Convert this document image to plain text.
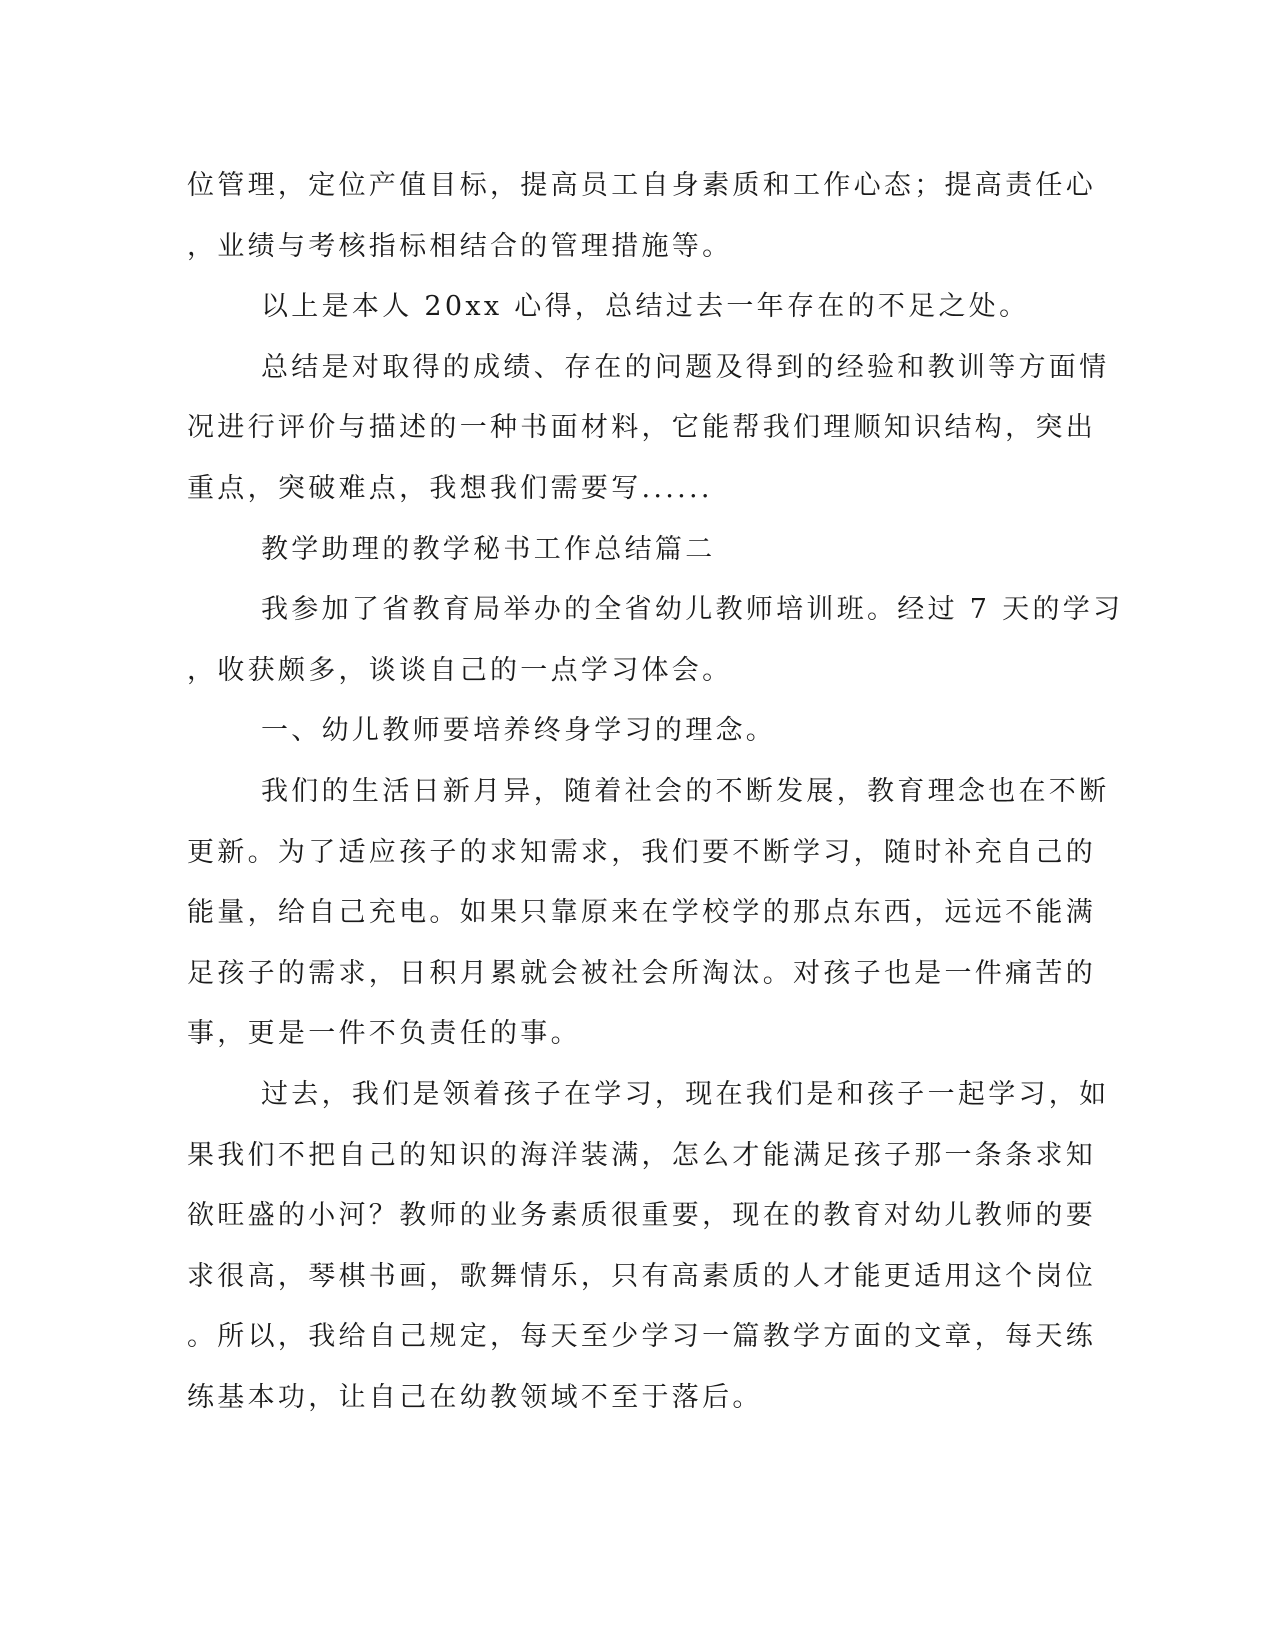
位管理，定位产值目标，提高员工自身素质和工作心态；提高责任心
，业绩与考核指标相结合的管理措施等。
以上是本人 20xx 心得，总结过去一年存在的不足之处。
总结是对取得的成绩、存在的问题及得到的经验和教训等方面情
况进行评价与描述的一种书面材料，它能帮我们理顺知识结构，突出
重点，突破难点，我想我们需要写......
教学助理的教学秘书工作总结篇二
我参加了省教育局举办的全省幼儿教师培训班。经过 7 天的学习
，收获颇多，谈谈自己的一点学习体会。
一、幼儿教师要培养终身学习的理念。
我们的生活日新月异，随着社会的不断发展，教育理念也在不断
更新。为了适应孩子的求知需求，我们要不断学习，随时补充自己的
能量，给自己充电。如果只靠原来在学校学的那点东西，远远不能满
足孩子的需求，日积月累就会被社会所淘汰。对孩子也是一件痛苦的
事，更是一件不负责任的事。
过去，我们是领着孩子在学习，现在我们是和孩子一起学习，如
果我们不把自己的知识的海洋装满，怎么才能满足孩子那一条条求知
欲旺盛的小河？教师的业务素质很重要，现在的教育对幼儿教师的要
求很高，琴棋书画，歌舞情乐，只有高素质的人才能更适用这个岗位
。所以，我给自己规定，每天至少学习一篇教学方面的文章，每天练
练基本功，让自己在幼教领域不至于落后。
